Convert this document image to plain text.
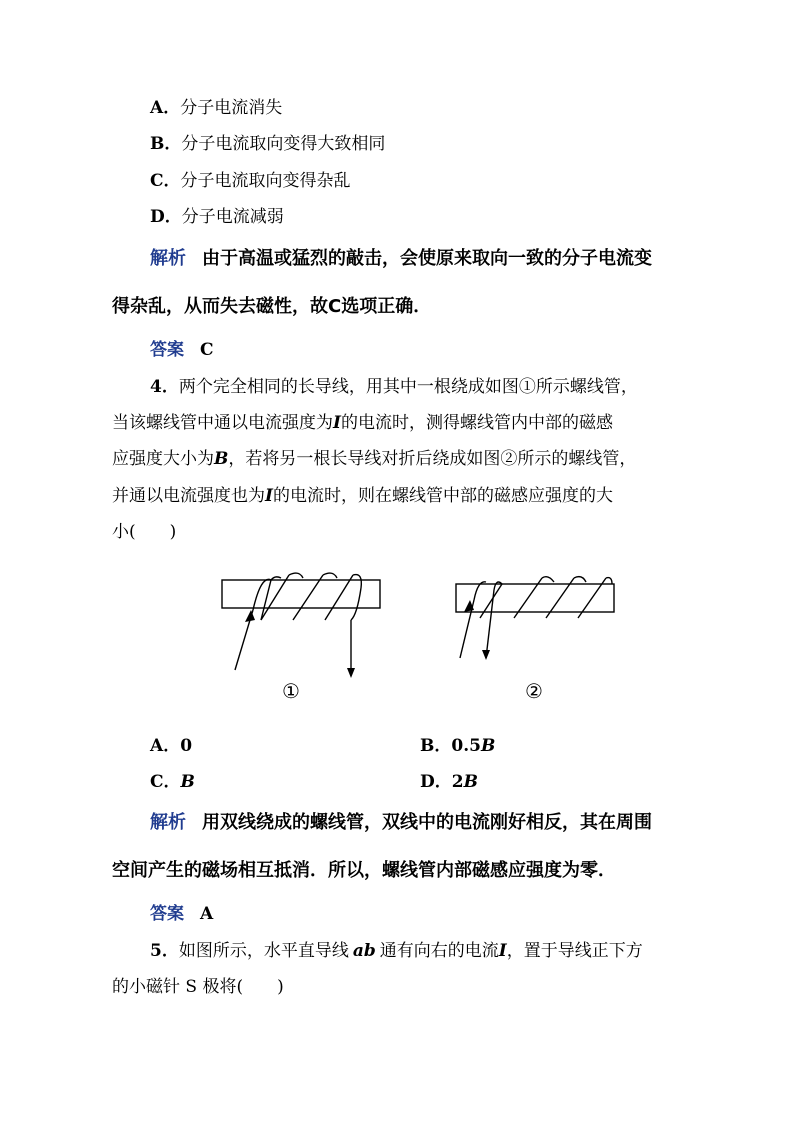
A．分子电流消失
B．分子电流取向变得大致相同
C．分子电流取向变得杂乱
D．分子电流减弱
解析 由于高温或猛烈的敲击，会使原来取向一致的分子电流变
得杂乱，从而失去磁性，故C选项正确．
答案 C
4．两个完全相同的长导线，用其中一根绕成如图①所示螺线管，
当该螺线管中通以电流强度为I的电流时，测得螺线管内中部的磁感
应强度大小为B，若将另一根长导线对折后绕成如图②所示的螺线管，
并通以电流强度也为I的电流时，则在螺线管中部的磁感应强度的大
小(　　)
①	②
A．0	B．0.5B
C．B	D．2B
解析 用双线绕成的螺线管，双线中的电流刚好相反，其在周围
空间产生的磁场相互抵消．所以，螺线管内部磁感应强度为零．
答案 A
5．如图所示，水平直导线 ab 通有向右的电流I，置于导线正下方
的小磁针 S 极将(　　)
